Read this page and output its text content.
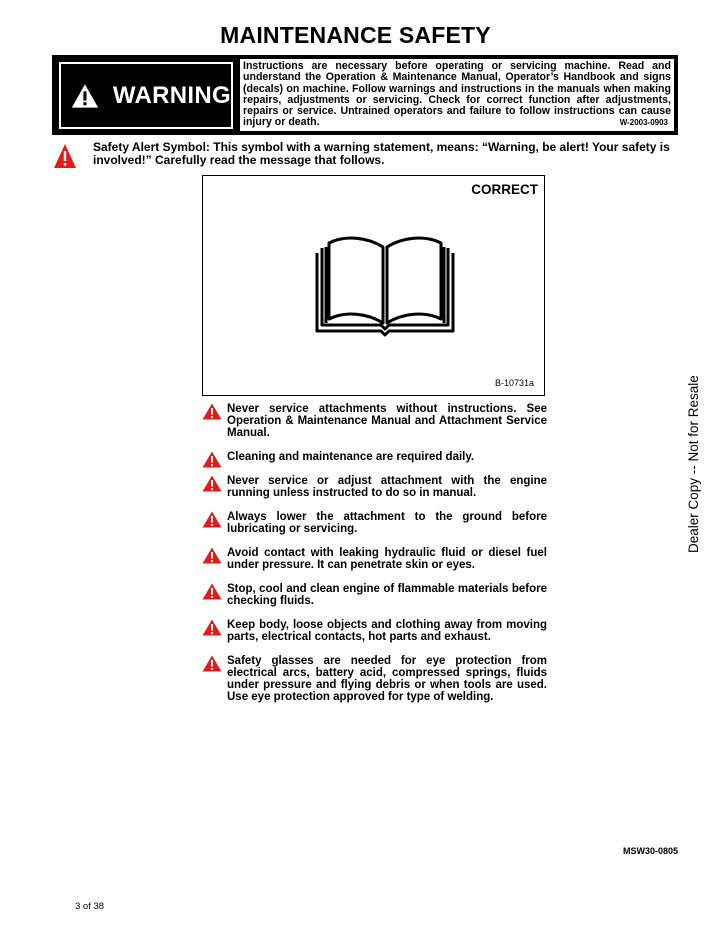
MAINTENANCE SAFETY
WARNING
Instructions are necessary before operating or servicing machine. Read and understand the Operation & Maintenance Manual, Operator’s Handbook and signs (decals) on machine. Follow warnings and instructions in the manuals when making repairs, adjustments or servicing. Check for correct function after adjustments, repairs or service. Untrained operators and failure to follow instructions can cause injury or death.	W-2003-0903
Safety Alert Symbol: This symbol with a warning statement, means: “Warning, be alert! Your safety is involved!” Carefully read the message that follows.
CORRECT
B-10731a
Never service attachments without instructions. See Operation & Maintenance Manual and Attachment Service Manual.
Cleaning and maintenance are required daily.
Never service or adjust attachment with the engine running unless instructed to do so in manual.
Always lower the attachment to the ground before lubricating or servicing.
Avoid contact with leaking hydraulic fluid or diesel fuel under pressure. It can penetrate skin or eyes.
Stop, cool and clean engine of flammable materials before checking fluids.
Keep body, loose objects and clothing away from moving parts, electrical contacts, hot parts and exhaust.
Safety glasses are needed for eye protection from electrical arcs, battery acid, compressed springs, fluids under pressure and flying debris or when tools are used. Use eye protection approved for type of welding.
Dealer Copy -- Not for Resale
MSW30-0805
3 of 38
